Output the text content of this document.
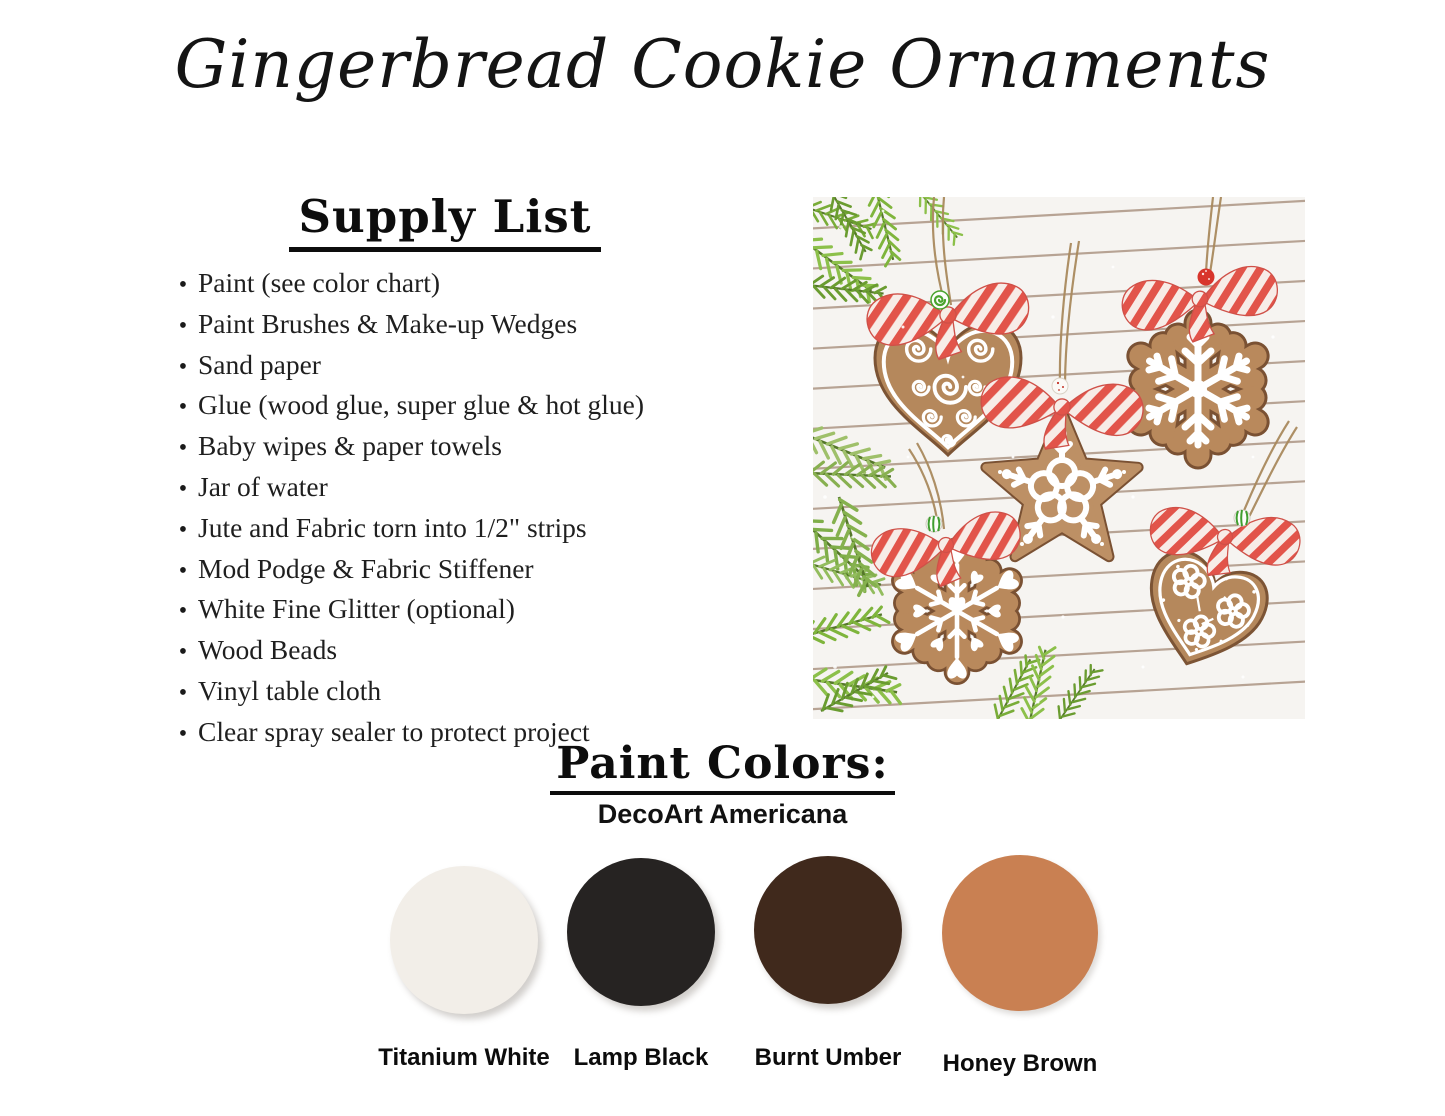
Gingerbread Cookie Ornaments
Supply List
• Paint (see color chart)
• Paint Brushes & Make-up Wedges
• Sand paper
• Glue (wood glue, super glue & hot glue)
• Baby wipes & paper towels
• Jar of water
• Jute and Fabric torn into 1/2" strips
• Mod Podge & Fabric Stiffener
• White Fine Glitter (optional)
• Wood Beads
• Vinyl table cloth
• Clear spray sealer to protect project
Paint Colors:
DecoArt Americana
Titanium White Lamp Black	Burnt Umber	Honey Brown
